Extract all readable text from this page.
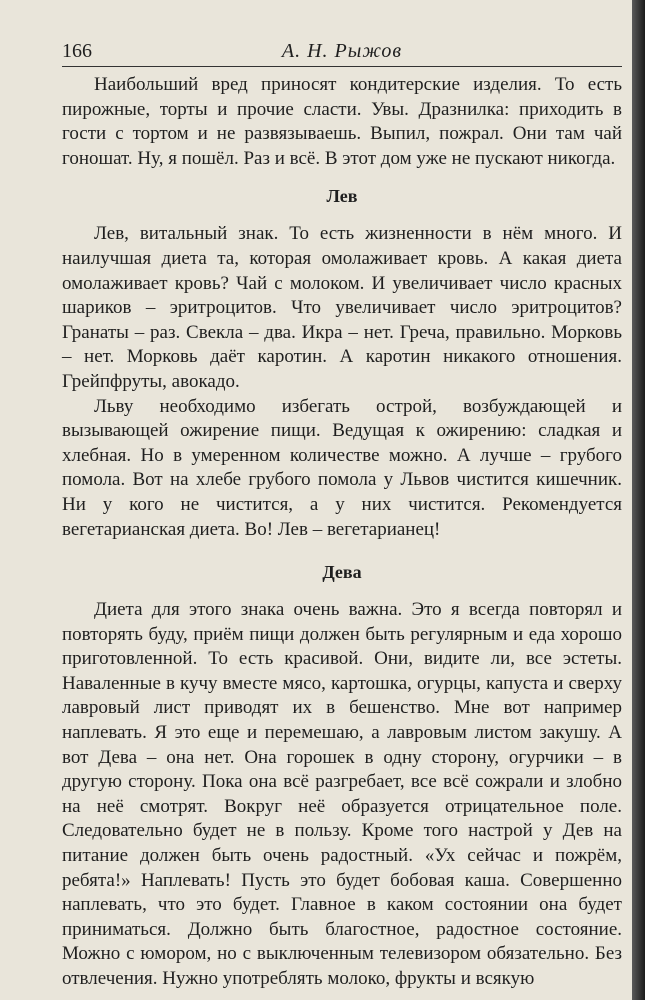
166	А. Н. Рыжов

Наибольший вред приносят кондитерские изделия. То есть пирожные, торты и прочие сласти. Увы. Дразнилка: приходить в гости с тортом и не развязываешь. Выпил, пожрал. Они там чай гоношат. Ну, я пошёл. Раз и всё. В этот дом уже не пускают никогда.

Лев

Лев, витальный знак. То есть жизненности в нём много. И наилучшая диета та, которая омолаживает кровь. А какая диета омолаживает кровь? Чай с молоком. И увеличивает число красных шариков – эритроцитов. Что увеличивает число эритроцитов? Гранаты – раз. Свекла – два. Икра – нет. Греча, правильно. Морковь – нет. Морковь даёт каротин. А каротин никакого отношения. Грейпфруты, авокадо.

Льву необходимо избегать острой, возбуждающей и вызывающей ожирение пищи. Ведущая к ожирению: сладкая и хлебная. Но в умеренном количестве можно. А лучше – грубого помола. Вот на хлебе грубого помола у Львов чистится кишечник. Ни у кого не чистится, а у них чистится. Рекомендуется вегетарианская диета. Во! Лев – вегетарианец!

Дева

Диета для этого знака очень важна. Это я всегда повторял и повторять буду, приём пищи должен быть регулярным и еда хорошо приготовленной. То есть красивой. Они, видите ли, все эстеты. Наваленные в кучу вместе мясо, картошка, огурцы, капуста и сверху лавровый лист приводят их в бешенство. Мне вот например наплевать. Я это еще и перемешаю, а лавровым листом закушу. А вот Дева – она нет. Она горошек в одну сторону, огурчики – в другую сторону. Пока она всё разгребает, все всё сожрали и злобно на неё смотрят. Вокруг неё образуется отрицательное поле. Следовательно будет не в пользу. Кроме того настрой у Дев на питание должен быть очень радостный. «Ух сейчас и пожрём, ребята!» Наплевать! Пусть это будет бобовая каша. Совершенно наплевать, что это будет. Главное в каком состоянии она будет приниматься. Должно быть благостное, радостное состояние. Можно с юмором, но с выключенным телевизором обязательно. Без отвлечения. Нужно употреблять молоко, фрукты и всякую
